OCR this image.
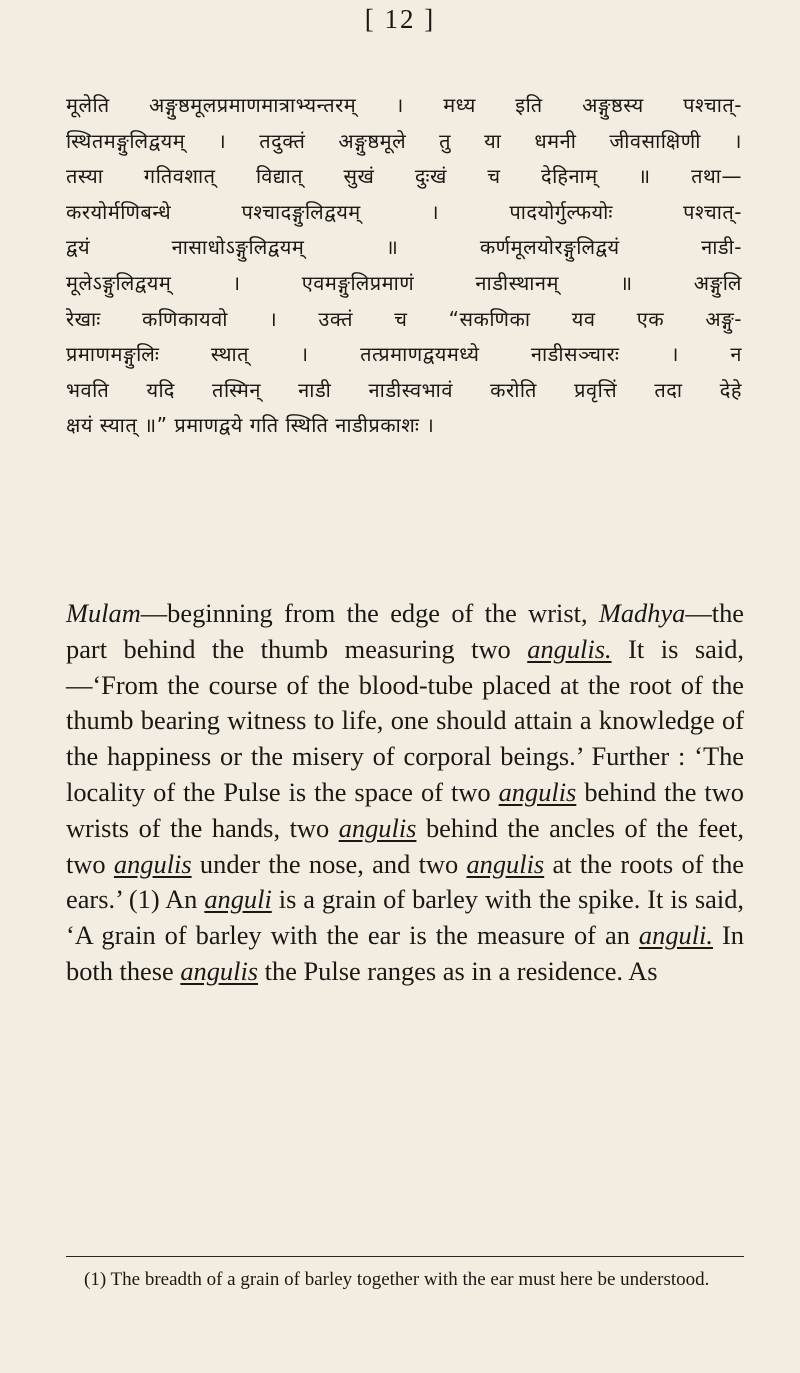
[ 12 ]
मूलेति अङ्गुष्ठमूलप्रमाणमात्राभ्यन्तरम् । मध्य इति अङ्गुष्ठस्य पश्चात्-
स्थितमङ्गुलिद्वयम् । तदुक्तं अङ्गुष्ठमूले तु या धमनी जीवसाक्षिणी ।
तस्या गतिवशात् विद्यात् सुखं दुःखं च देहिनाम् ॥ तथा—
करयोर्मणिबन्धे पश्चादङ्गुलिद्वयम् । पादयोर्गुल्फयोः पश्चात्-
द्वयं नासाधोऽङ्गुलिद्वयम् ॥ कर्णमूलयोरङ्गुलिद्वयं नाडी-
मूलेऽङ्गुलिद्वयम् । एवमङ्गुलिप्रमाणं नाडीस्थानम् ॥ अङ्गुलि
रेखाः कणिकायवो । उक्तं च “सकणिका यव एक अङ्गु-
प्रमाणमङ्गुलिः स्थात् । तत्प्रमाणद्वयमध्ये नाडीसञ्चारः । न
भवति यदि तस्मिन् नाडी नाडीस्वभावं करोति प्रवृत्तिं तदा देहे
क्षयं स्यात् ॥” प्रमाणद्वये गति स्थिति नाडीप्रकाशः ।

Mulam—beginning from the edge of the wrist, Madhya—the part behind the thumb measuring two angulis. It is said,—‘From the course of the blood-tube placed at the root of the thumb bearing witness to life, one should attain a knowledge of the happiness or the misery of corporal beings.’ Further : ‘The locality of the Pulse is the space of two angulis behind the two wrists of the hands, two angulis behind the ancles of the feet, two angulis under the nose, and two angulis at the roots of the ears.’ (1) An anguli is a grain of barley with the spike. It is said, ‘A grain of barley with the ear is the measure of an anguli. In both these angulis the Pulse ranges as in a residence. As

(1) The breadth of a grain of barley together with the ear must here be understood.
